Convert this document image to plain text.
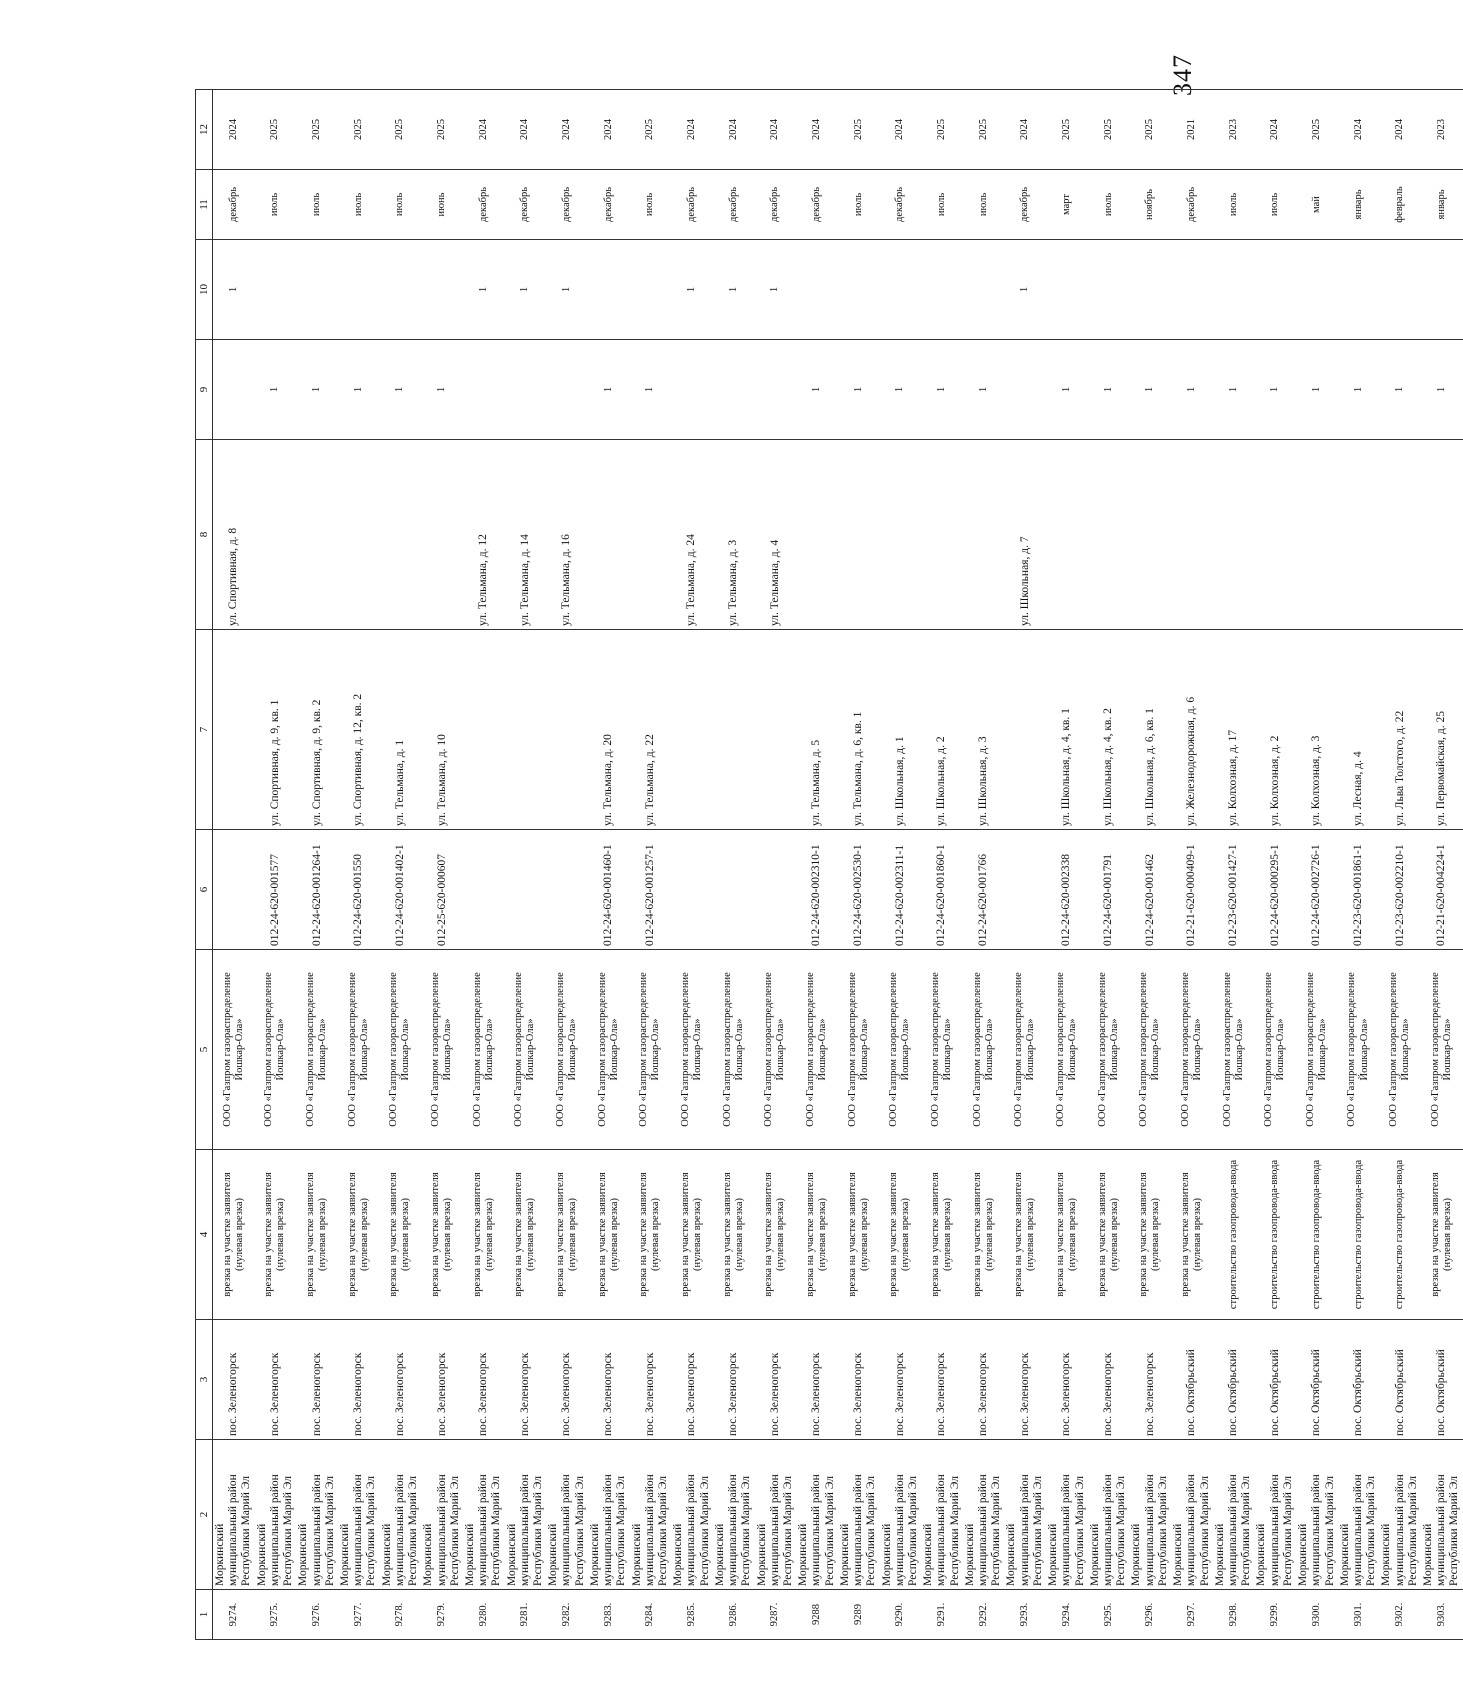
347
1	2	3	4	5	6	7	8	9	10	11	12
9274.	Моркинский муниципальный район Республики Марий Эл	пос. Зеленогорск	врезка на участке заявителя (нулевая врезка)	ООО «Газпром газораспределение Йошкар-Ола»			ул. Спортивная, д. 8		1	декабрь	2024
9275.	Моркинский муниципальный район Республики Марий Эл	пос. Зеленогорск	врезка на участке заявителя (нулевая врезка)	ООО «Газпром газораспределение Йошкар-Ола»	012-24-620-001577	ул. Спортивная, д. 9, кв. 1		1		июль	2025
9276.	Моркинский муниципальный район Республики Марий Эл	пос. Зеленогорск	врезка на участке заявителя (нулевая врезка)	ООО «Газпром газораспределение Йошкар-Ола»	012-24-620-001264-1	ул. Спортивная, д. 9, кв. 2		1		июль	2025
9277.	Моркинский муниципальный район Республики Марий Эл	пос. Зеленогорск	врезка на участке заявителя (нулевая врезка)	ООО «Газпром газораспределение Йошкар-Ола»	012-24-620-001550	ул. Спортивная, д. 12, кв. 2		1		июль	2025
9278.	Моркинский муниципальный район Республики Марий Эл	пос. Зеленогорск	врезка на участке заявителя (нулевая врезка)	ООО «Газпром газораспределение Йошкар-Ола»	012-24-620-001402-1	ул. Тельмана, д. 1		1		июль	2025
9279.	Моркинский муниципальный район Республики Марий Эл	пос. Зеленогорск	врезка на участке заявителя (нулевая врезка)	ООО «Газпром газораспределение Йошкар-Ола»	012-25-620-000607	ул. Тельмана, д. 10		1		июнь	2025
9280.	Моркинский муниципальный район Республики Марий Эл	пос. Зеленогорск	врезка на участке заявителя (нулевая врезка)	ООО «Газпром газораспределение Йошкар-Ола»			ул. Тельмана, д. 12		1	декабрь	2024
9281.	Моркинский муниципальный район Республики Марий Эл	пос. Зеленогорск	врезка на участке заявителя (нулевая врезка)	ООО «Газпром газораспределение Йошкар-Ола»			ул. Тельмана, д. 14		1	декабрь	2024
9282.	Моркинский муниципальный район Республики Марий Эл	пос. Зеленогорск	врезка на участке заявителя (нулевая врезка)	ООО «Газпром газораспределение Йошкар-Ола»			ул. Тельмана, д. 16		1	декабрь	2024
9283.	Моркинский муниципальный район Республики Марий Эл	пос. Зеленогорск	врезка на участке заявителя (нулевая врезка)	ООО «Газпром газораспределение Йошкар-Ола»	012-24-620-001460-1	ул. Тельмана, д. 20		1		декабрь	2024
9284.	Моркинский муниципальный район Республики Марий Эл	пос. Зеленогорск	врезка на участке заявителя (нулевая врезка)	ООО «Газпром газораспределение Йошкар-Ола»	012-24-620-001257-1	ул. Тельмана, д. 22		1		июль	2025
9285.	Моркинский муниципальный район Республики Марий Эл	пос. Зеленогорск	врезка на участке заявителя (нулевая врезка)	ООО «Газпром газораспределение Йошкар-Ола»			ул. Тельмана, д. 24		1	декабрь	2024
9286.	Моркинский муниципальный район Республики Марий Эл	пос. Зеленогорск	врезка на участке заявителя (нулевая врезка)	ООО «Газпром газораспределение Йошкар-Ола»			ул. Тельмана, д. 3		1	декабрь	2024
9287.	Моркинский муниципальный район Республики Марий Эл	пос. Зеленогорск	врезка на участке заявителя (нулевая врезка)	ООО «Газпром газораспределение Йошкар-Ола»			ул. Тельмана, д. 4		1	декабрь	2024
9288	Моркинский муниципальный район Республики Марий Эл	пос. Зеленогорск	врезка на участке заявителя (нулевая врезка)	ООО «Газпром газораспределение Йошкар-Ола»	012-24-620-002310-1	ул. Тельмана, д. 5		1		декабрь	2024
9289	Моркинский муниципальный район Республики Марий Эл	пос. Зеленогорск	врезка на участке заявителя (нулевая врезка)	ООО «Газпром газораспределение Йошкар-Ола»	012-24-620-002530-1	ул. Тельмана, д. 6, кв. 1		1		июль	2025
9290.	Моркинский муниципальный район Республики Марий Эл	пос. Зеленогорск	врезка на участке заявителя (нулевая врезка)	ООО «Газпром газораспределение Йошкар-Ола»	012-24-620-002311-1	ул. Школьная, д. 1		1		декабрь	2024
9291.	Моркинский муниципальный район Республики Марий Эл	пос. Зеленогорск	врезка на участке заявителя (нулевая врезка)	ООО «Газпром газораспределение Йошкар-Ола»	012-24-620-001860-1	ул. Школьная, д. 2		1		июль	2025
9292.	Моркинский муниципальный район Республики Марий Эл	пос. Зеленогорск	врезка на участке заявителя (нулевая врезка)	ООО «Газпром газораспределение Йошкар-Ола»	012-24-620-001766	ул. Школьная, д. 3		1		июль	2025
9293.	Моркинский муниципальный район Республики Марий Эл	пос. Зеленогорск	врезка на участке заявителя (нулевая врезка)	ООО «Газпром газораспределение Йошкар-Ола»			ул. Школьная, д. 7		1	декабрь	2024
9294.	Моркинский муниципальный район Республики Марий Эл	пос. Зеленогорск	врезка на участке заявителя (нулевая врезка)	ООО «Газпром газораспределение Йошкар-Ола»	012-24-620-002338	ул. Школьная, д. 4, кв. 1		1		март	2025
9295.	Моркинский муниципальный район Республики Марий Эл	пос. Зеленогорск	врезка на участке заявителя (нулевая врезка)	ООО «Газпром газораспределение Йошкар-Ола»	012-24-620-001791	ул. Школьная, д. 4, кв. 2		1		июль	2025
9296.	Моркинский муниципальный район Республики Марий Эл	пос. Зеленогорск	врезка на участке заявителя (нулевая врезка)	ООО «Газпром газораспределение Йошкар-Ола»	012-24-620-001462	ул. Школьная, д. 6, кв. 1		1		ноябрь	2025
9297.	Моркинский муниципальный район Республики Марий Эл	пос. Октябрьский	врезка на участке заявителя (нулевая врезка)	ООО «Газпром газораспределение Йошкар-Ола»	012-21-620-000409-1	ул. Железнодорожная, д. 6		1		декабрь	2021
9298.	Моркинский муниципальный район Республики Марий Эл	пос. Октябрьский	строительство газопровода-ввода	ООО «Газпром газораспределение Йошкар-Ола»	012-23-620-001427-1	ул. Колхозная, д. 17		1		июль	2023
9299.	Моркинский муниципальный район Республики Марий Эл	пос. Октябрьский	строительство газопровода-ввода	ООО «Газпром газораспределение Йошкар-Ола»	012-24-620-000295-1	ул. Колхозная, д. 2		1		июль	2024
9300.	Моркинский муниципальный район Республики Марий Эл	пос. Октябрьский	строительство газопровода-ввода	ООО «Газпром газораспределение Йошкар-Ола»	012-24-620-002726-1	ул. Колхозная, д. 3		1		май	2025
9301.	Моркинский муниципальный район Республики Марий Эл	пос. Октябрьский	строительство газопровода-ввода	ООО «Газпром газораспределение Йошкар-Ола»	012-23-620-001861-1	ул. Лесная, д. 4		1		январь	2024
9302.	Моркинский муниципальный район Республики Марий Эл	пос. Октябрьский	строительство газопровода-ввода	ООО «Газпром газораспределение Йошкар-Ола»	012-23-620-002210-1	ул. Льва Толстого, д. 22		1		февраль	2024
9303.	Моркинский муниципальный район Республики Марий Эл	пос. Октябрьский	врезка на участке заявителя (нулевая врезка)	ООО «Газпром газораспределение Йошкар-Ола»	012-21-620-004224-1	ул. Первомайская, д. 25		1		январь	2023
